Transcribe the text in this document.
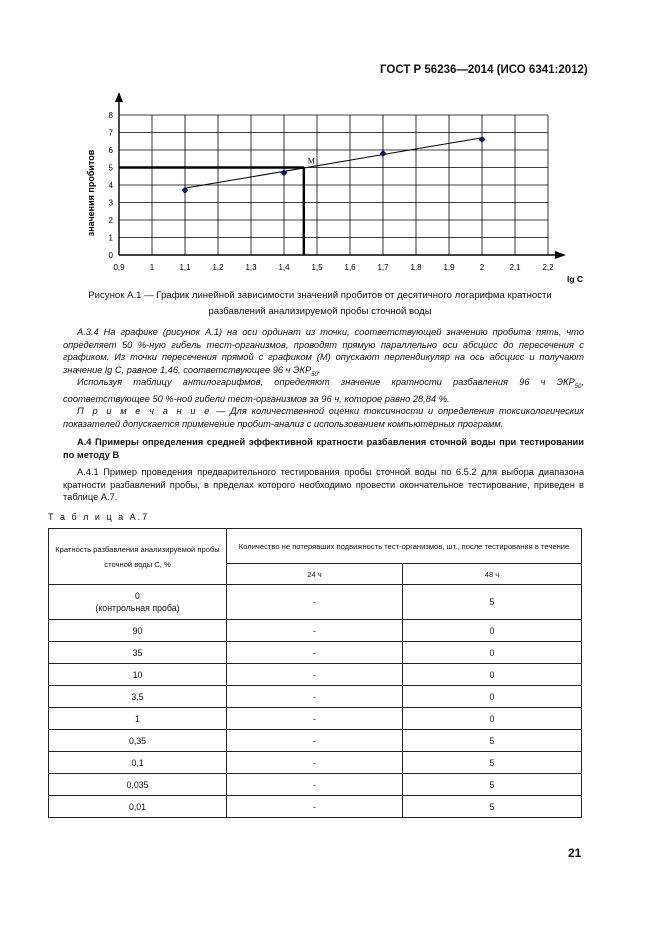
ГОСТ Р 56236—2014 (ИСО 6341:2012)
0,9	1	1,1	1,2	1,3	1,4	1,5	1,6	1,7	1,8	1,9	2	2,1	2,2
0
1
2
3
4
5
6
7
8
lg C
значения пробитов	M
Рисунок А.1 — График линейной зависимости значений пробитов от десятичного логарифма кратности разбавлений анализируемой пробы сточной воды
А.3.4 На графике (рисунок А.1) на оси ординат из точки, соответствующей значению пробита пять, что определяет 50 %-ную гибель тест-организмов, проводят прямую параллельно оси абсцисс до пересечения с графиком. Из точки пересечения прямой с графиком (М) опускают перпендикуляр на ось абсцисс и получают значение lg C, равное 1,46, соответствующее 96 ч $ЭКР_{50}$.
Используя таблицу антилогарифмов, определяют значение кратности разбавления 96 ч $ЭКР_{50}$, соответствующее 50 %-ной гибели тест-организмов за 96 ч, которое равно 28,84 %.
П р и м е ч а н и е — Для количественной оценки токсичности и определения токсикологических показателей допускается применение пробит-анализ с использованием компьютерных программ.
А.4 Примеры определения средней эффективной кратности разбавления сточной воды при тестировании по методу В
А.4.1 Пример проведения предварительного тестирования пробы сточной воды по 6.5.2 для выбора диапазона кратности разбавлений пробы, в пределах которого необходимо провести окончательное тестирование, приведен в таблице А.7.
Т а б л и ц а А.7
Кратность разбавления анализируемой пробы сточной воды С, %	Количество не потерявших подвижность тест-организмов, шт., после тестирования в течение	
	24 ч	48 ч

0
(контрольная проба)	-	5
90	-	0
35	-	0
10	-	0
3,5	-	0
1	-	0
0,35	-	5
0,1	-	5
0,035	-	5
0,01	-	5
21
